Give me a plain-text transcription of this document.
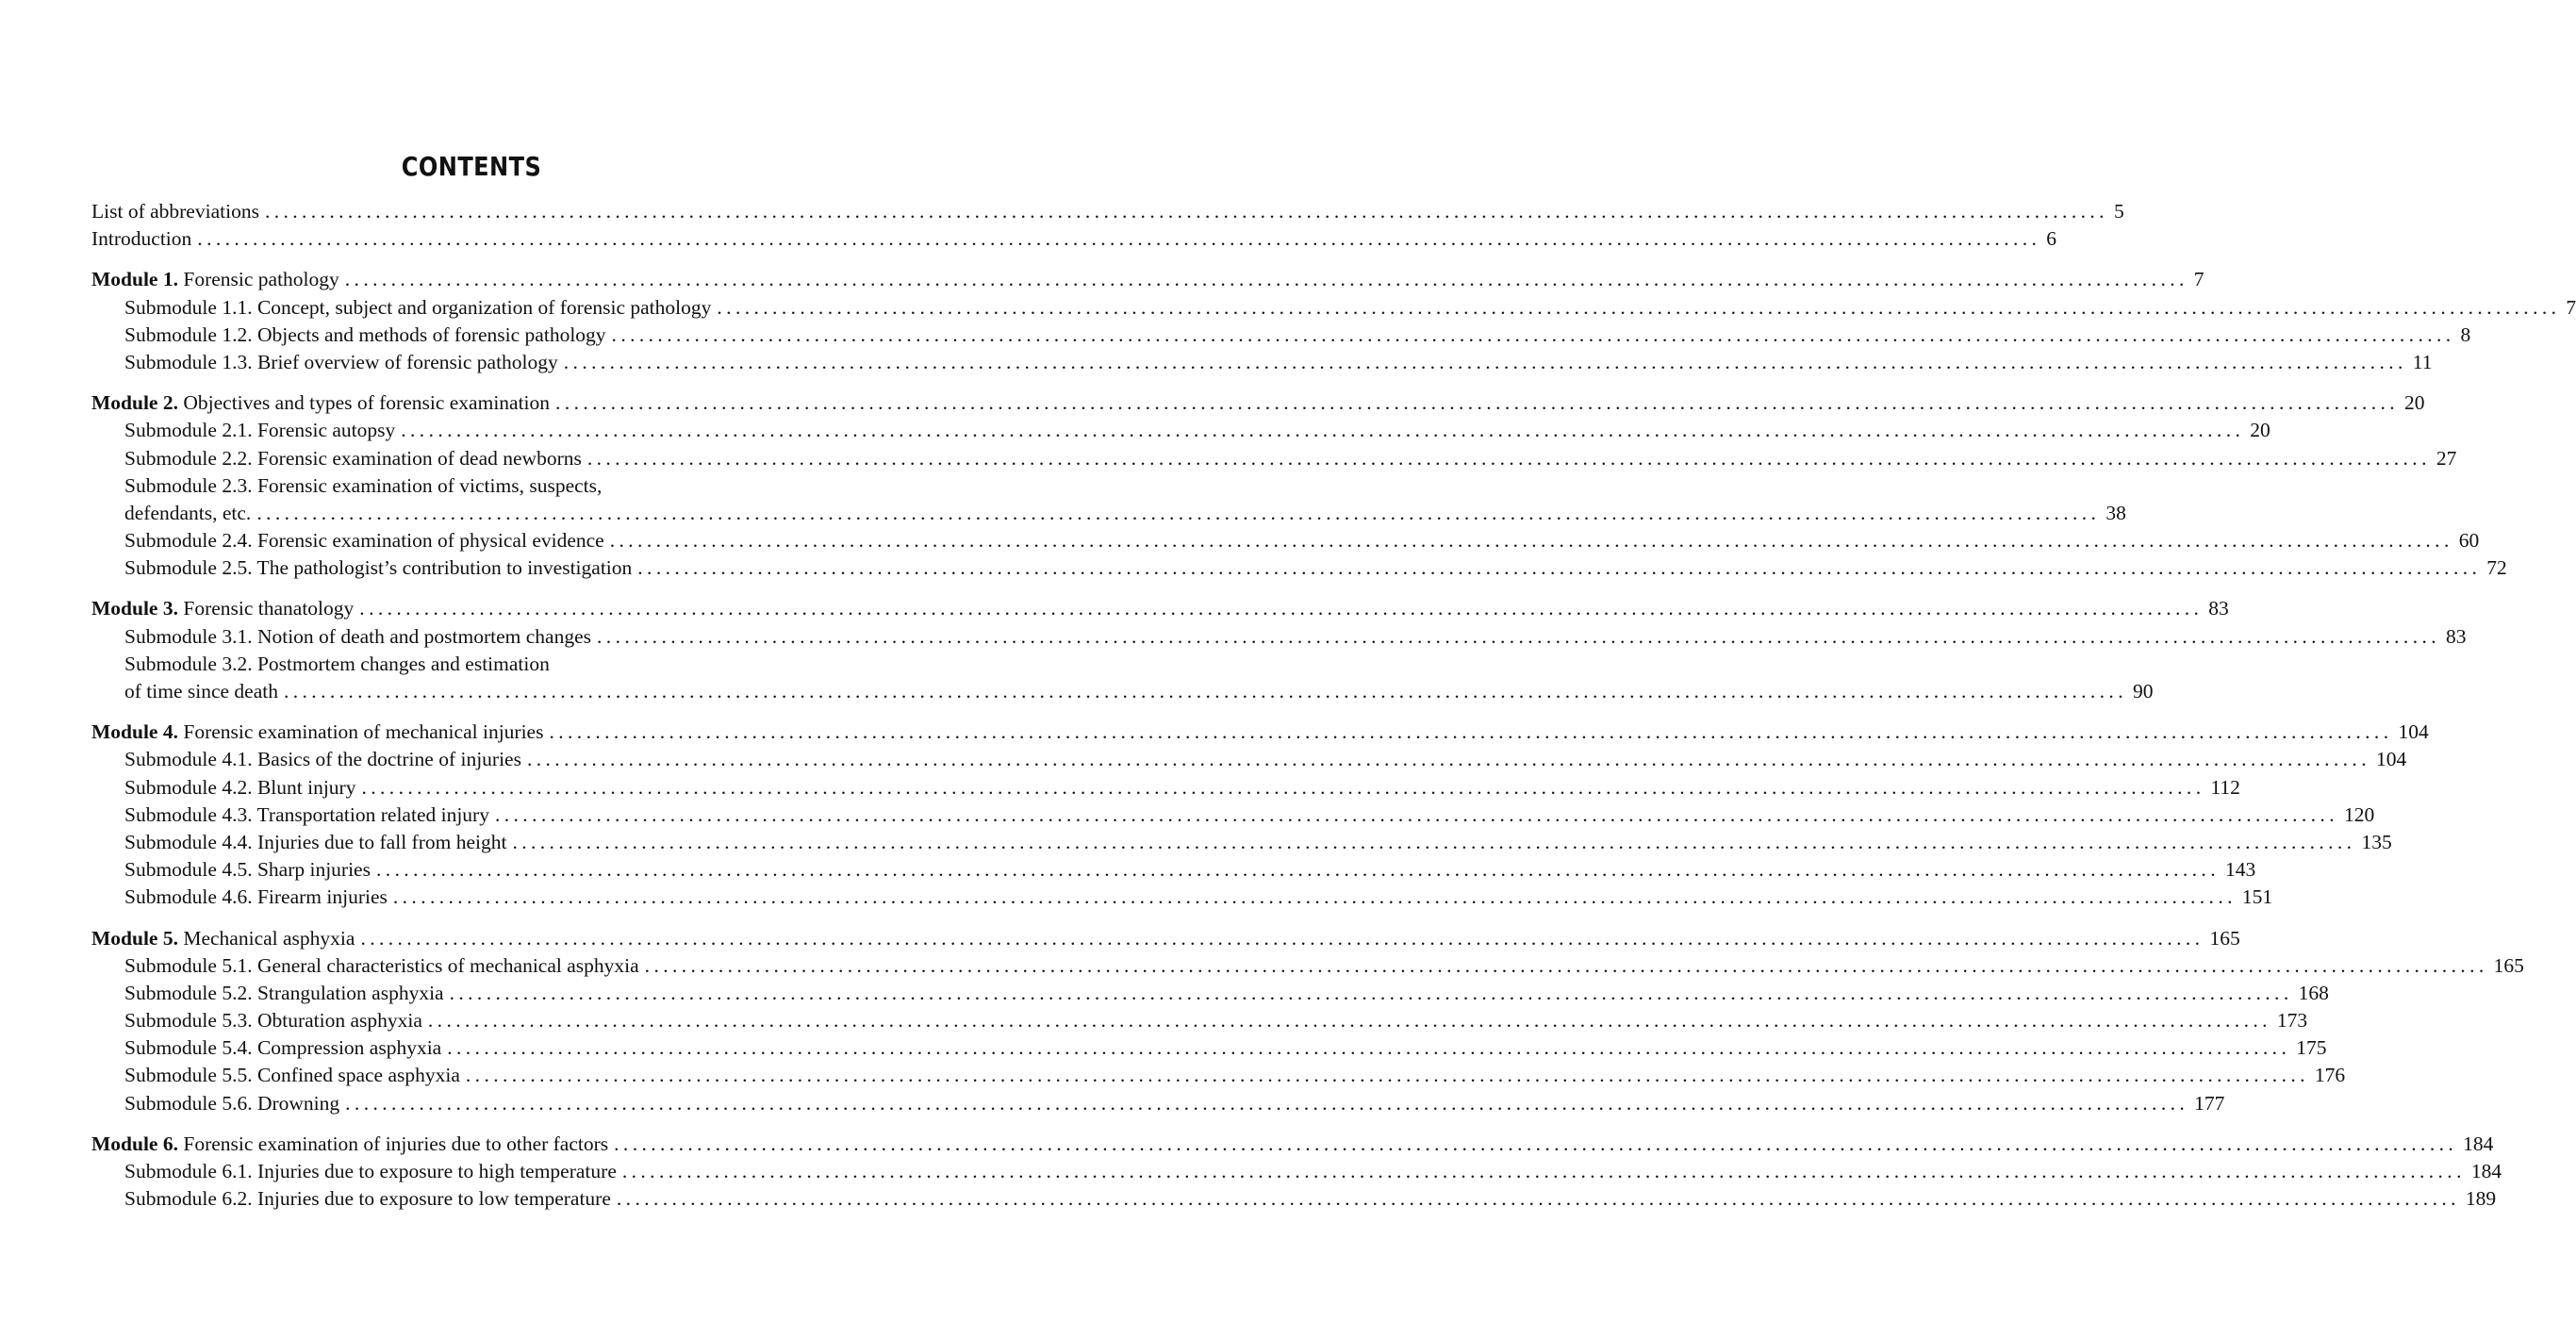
CONTENTS
List of abbreviations ........................................................................................................................................................................................................ 5
Introduction ........................................................................................................................................................................................................ 6
Module 1. Forensic pathology ........................................................................................................................................................................................................ 7
Submodule 1.1. Concept, subject and organization of forensic pathology ........................................................................................................................................................................................................ 7
Submodule 1.2. Objects and methods of forensic pathology ........................................................................................................................................................................................................ 8
Submodule 1.3. Brief overview of forensic pathology ........................................................................................................................................................................................................ 11
Module 2. Objectives and types of forensic examination ........................................................................................................................................................................................................ 20
Submodule 2.1. Forensic autopsy ........................................................................................................................................................................................................ 20
Submodule 2.2. Forensic examination of dead newborns ........................................................................................................................................................................................................ 27
Submodule 2.3. Forensic examination of victims, suspects,
defendants, etc. ........................................................................................................................................................................................................ 38
Submodule 2.4. Forensic examination of physical evidence ........................................................................................................................................................................................................ 60
Submodule 2.5. The pathologist’s contribution to investigation ........................................................................................................................................................................................................ 72
Module 3. Forensic thanatology ........................................................................................................................................................................................................ 83
Submodule 3.1. Notion of death and postmortem changes ........................................................................................................................................................................................................ 83
Submodule 3.2. Postmortem changes and estimation
of time since death ........................................................................................................................................................................................................ 90
Module 4. Forensic examination of mechanical injuries ........................................................................................................................................................................................................ 104
Submodule 4.1. Basics of the doctrine of injuries ........................................................................................................................................................................................................ 104
Submodule 4.2. Blunt injury ........................................................................................................................................................................................................ 112
Submodule 4.3. Transportation related injury ........................................................................................................................................................................................................ 120
Submodule 4.4. Injuries due to fall from height ........................................................................................................................................................................................................ 135
Submodule 4.5. Sharp injuries ........................................................................................................................................................................................................ 143
Submodule 4.6. Firearm injuries ........................................................................................................................................................................................................ 151
Module 5. Mechanical asphyxia ........................................................................................................................................................................................................ 165
Submodule 5.1. General characteristics of mechanical asphyxia ........................................................................................................................................................................................................ 165
Submodule 5.2. Strangulation asphyxia ........................................................................................................................................................................................................ 168
Submodule 5.3. Obturation asphyxia ........................................................................................................................................................................................................ 173
Submodule 5.4. Compression asphyxia ........................................................................................................................................................................................................ 175
Submodule 5.5. Confined space asphyxia ........................................................................................................................................................................................................ 176
Submodule 5.6. Drowning ........................................................................................................................................................................................................ 177
Module 6. Forensic examination of injuries due to other factors ........................................................................................................................................................................................................ 184
Submodule 6.1. Injuries due to exposure to high temperature ........................................................................................................................................................................................................ 184
Submodule 6.2. Injuries due to exposure to low temperature ........................................................................................................................................................................................................ 189
